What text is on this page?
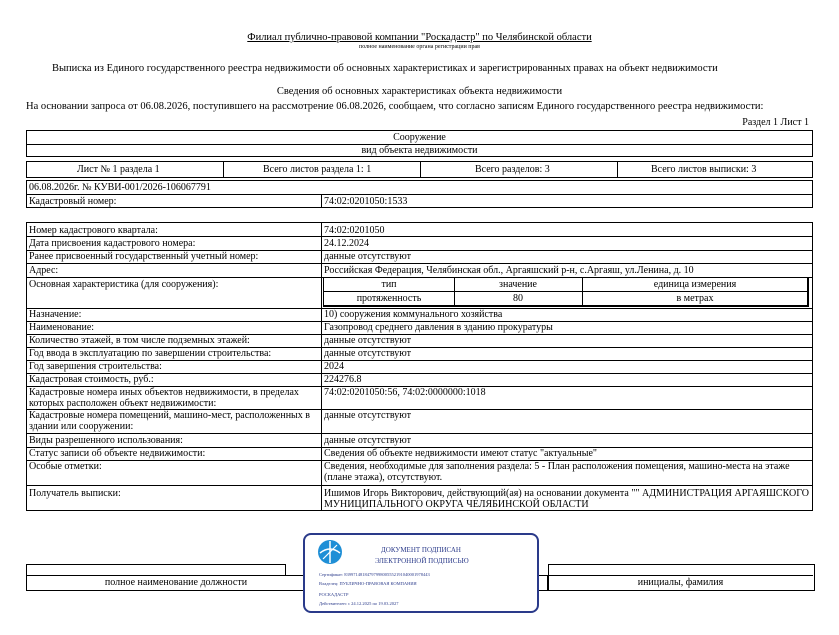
Филиал публично-правовой компании "Роскадастр" по Челябинской области
полное наименование органа регистрации прав
Выписка из Единого государственного реестра недвижимости об основных характеристиках и зарегистрированных правах на объект недвижимости
Сведения об основных характеристиках объекта недвижимости
На основании запроса от 06.08.2026, поступившего на рассмотрение 06.08.2026, сообщаем, что согласно записям Единого государственного реестра недвижимости:
Раздел 1 Лист 1
Сооружение
вид объекта недвижимости
Лист № 1 раздела 1	Всего листов раздела 1: 1	Всего разделов: 3	Всего листов выписки: 3
06.08.2026г. № КУВИ-001/2026-106067791
Кадастровый номер:	74:02:0201050:1533
Номер кадастрового квартала:	74:02:0201050
Дата присвоения кадастрового номера:	24.12.2024
Ранее присвоенный государственный учетный номер:	данные отсутствуют
Адрес:	Российская Федерация, Челябинская обл., Аргаяшский р-н, с.Аргаяш, ул.Ленина, д. 10
Основная характеристика (для сооружения):	тип	значение	единица измерения
протяженность	80	в метрах
Назначение:	10) сооружения коммунального хозяйства
Наименование:	Газопровод среднего давления в зданию прокуратуры
Количество этажей, в том числе подземных этажей:	данные отсутствуют
Год ввода в эксплуатацию по завершении строительства:	данные отсутствуют
Год завершения строительства:	2024
Кадастровая стоимость, руб.:	224276.8
Кадастровые номера иных объектов недвижимости, в пределах которых расположен объект недвижимости:
74:02:0201050:56, 74:02:0000000:1018
Кадастровые номера помещений, машино-мест, расположенных в здании или сооружении:
данные отсутствуют
Виды разрешенного использования:	данные отсутствуют
Статус записи об объекте недвижимости:	Сведения об объекте недвижимости имеют статус "актуальные"
Особые отметки:	Сведения, необходимые для заполнения раздела: 5 - План расположения помещения, машино-места на этаже (плане этажа), отсутствуют.
Получатель выписки:	Ишимов Игорь Викторович, действующий(ая) на основании документа "" АДМИНИСТРАЦИЯ АРГАЯШСКОГО МУНИЦИПАЛЬНОГО ОКРУГА ЧЕЛЯБИНСКОЙ ОБЛАСТИ
полное наименование должности	инициалы, фамилия
ДОКУМЕНТ ПОДПИСАН
ЭЛЕКТРОННОЙ ПОДПИСЬЮ
Сертификат: 83997148184797998005552191040001978443
Владелец: ПУБЛИЧНО-ПРАВОВАЯ КОМПАНИЯ
РОСКАДАСТР
Действителен: с 24.12.2025 по 19.03.2027
